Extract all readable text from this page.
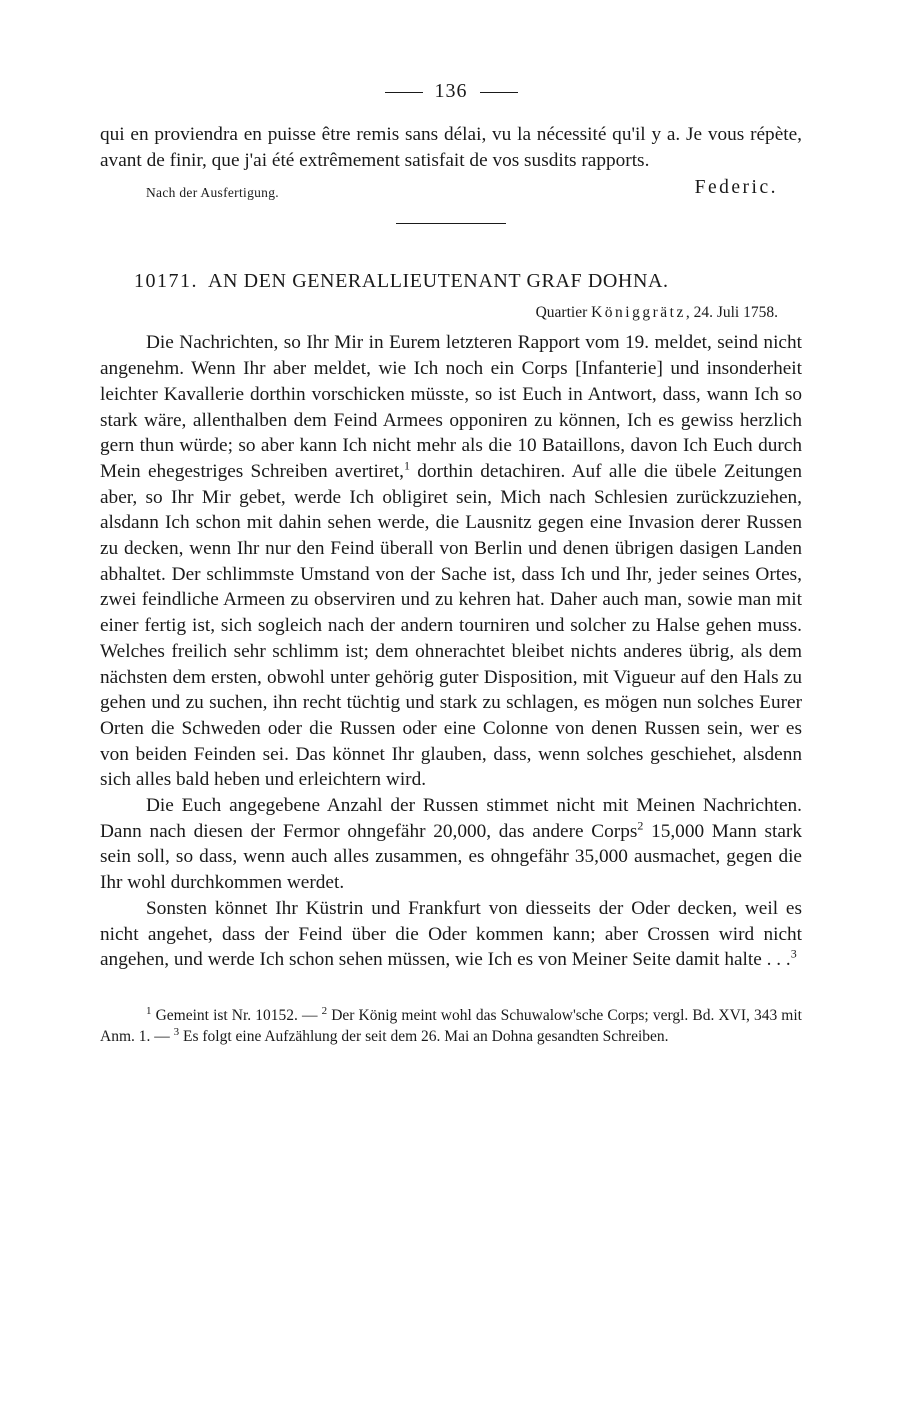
136

qui en proviendra en puisse être remis sans délai, vu la nécessité qu'il y a. Je vous répète, avant de finir, que j'ai été extrêmement satisfait de vos susdits rapports.

Nach der Ausfertigung.	Federic.
10171. AN DEN GENERALLIEUTENANT GRAF DOHNA.
Quartier Königgrätz, 24. Juli 1758.

Die Nachrichten, so Ihr Mir in Eurem letzteren Rapport vom 19. meldet, seind nicht angenehm. Wenn Ihr aber meldet, wie Ich noch ein Corps [Infanterie] und insonderheit leichter Kavallerie dorthin vorschicken müsste, so ist Euch in Antwort, dass, wann Ich so stark wäre, allenthalben dem Feind Armees opponiren zu können, Ich es gewiss herzlich gern thun würde; so aber kann Ich nicht mehr als die 10 Bataillons, davon Ich Euch durch Mein ehegestriges Schreiben avertiret,$^1$ dorthin detachiren. Auf alle die übele Zeitungen aber, so Ihr Mir gebet, werde Ich obligiret sein, Mich nach Schlesien zurückzuziehen, alsdann Ich schon mit dahin sehen werde, die Lausnitz gegen eine Invasion derer Russen zu decken, wenn Ihr nur den Feind überall von Berlin und denen übrigen dasigen Landen abhaltet. Der schlimmste Umstand von der Sache ist, dass Ich und Ihr, jeder seines Ortes, zwei feindliche Armeen zu observiren und zu kehren hat. Daher auch man, sowie man mit einer fertig ist, sich sogleich nach der andern tourniren und solcher zu Halse gehen muss. Welches freilich sehr schlimm ist; dem ohnerachtet bleibet nichts anderes übrig, als dem nächsten dem ersten, obwohl unter gehörig guter Disposition, mit Vigueur auf den Hals zu gehen und zu suchen, ihn recht tüchtig und stark zu schlagen, es mögen nun solches Eurer Orten die Schweden oder die Russen oder eine Colonne von denen Russen sein, wer es von beiden Feinden sei. Das könnet Ihr glauben, dass, wenn solches geschiehet, alsdenn sich alles bald heben und erleichtern wird.

Die Euch angegebene Anzahl der Russen stimmet nicht mit Meinen Nachrichten. Dann nach diesen der Fermor ohngefähr 20,000, das andere Corps$^2$ 15,000 Mann stark sein soll, so dass, wenn auch alles zusammen, es ohngefähr 35,000 ausmachet, gegen die Ihr wohl durchkommen werdet.

Sonsten könnet Ihr Küstrin und Frankfurt von diesseits der Oder decken, weil es nicht angehet, dass der Feind über die Oder kommen kann; aber Crossen wird nicht angehen, und werde Ich schon sehen müssen, wie Ich es von Meiner Seite damit halte . . .$^3$

$^1$ Gemeint ist Nr. 10152. — $^2$ Der König meint wohl das Schuwalow'sche Corps; vergl. Bd. XVI, 343 mit Anm. 1. — $^3$ Es folgt eine Aufzählung der seit dem 26. Mai an Dohna gesandten Schreiben.
